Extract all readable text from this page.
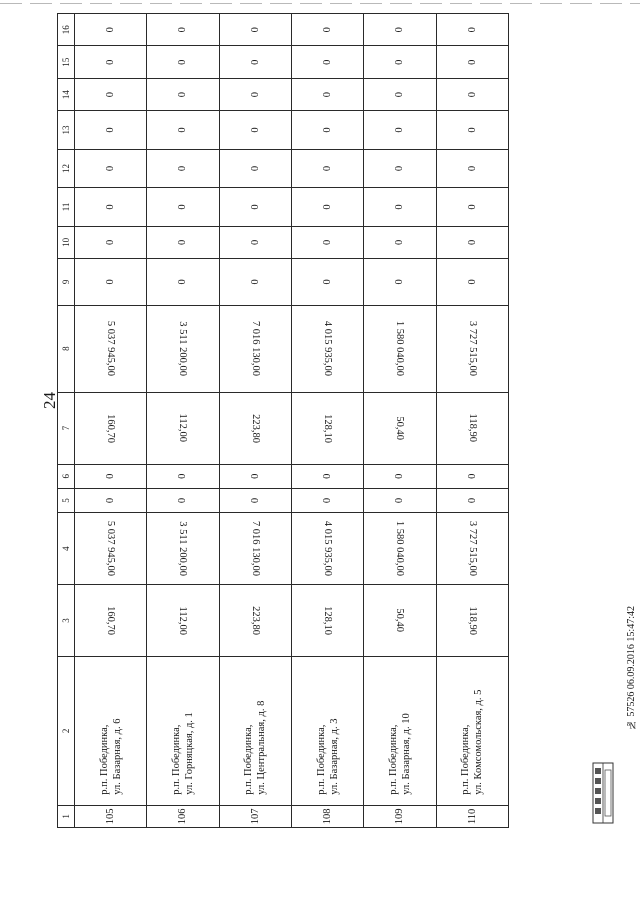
24
1	2	3	4	5	6	7	8	9	10	11	12	13	14	15	16
105	р.п. Побединка, ул. Базарная, д. 6	160,70	5 037 945,00	0	0	160,70	5 037 945,00	0	0	0	0	0	0	0	0
106	р.п. Побединка, ул. Горняцкая, д. 1	112,00	3 511 200,00	0	0	112,00	3 511 200,00	0	0	0	0	0	0	0	0
107	р.п. Побединка, ул. Центральная, д. 8	223,80	7 016 130,00	0	0	223,80	7 016 130,00	0	0	0	0	0	0	0	0
108	р.п. Побединка, ул. Базарная, д. 3	128,10	4 015 935,00	0	0	128,10	4 015 935,00	0	0	0	0	0	0	0	0
109	р.п. Побединка, ул. Базарная, д. 10	50,40	1 580 040,00	0	0	50,40	1 580 040,00	0	0	0	0	0	0	0	0
110	р.п. Побединка, ул. Комсомольская, д. 5	118,90	3 727 515,00	0	0	118,90	3 727 515,00	0	0	0	0	0	0	0	0
№ 57526 06.09.2016 15:47:42
